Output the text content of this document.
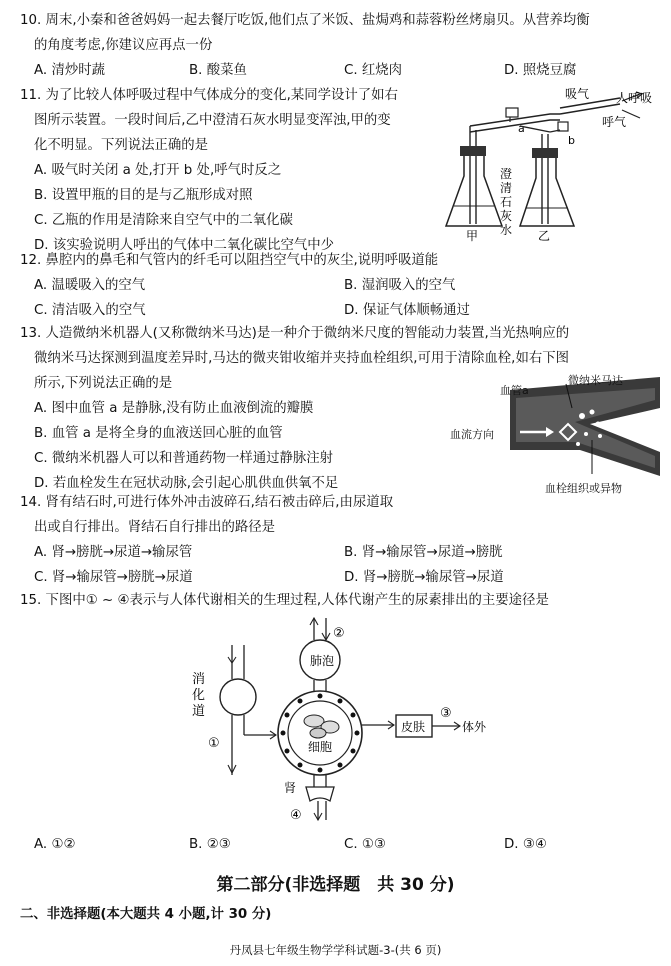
10. 周末,小秦和爸爸妈妈一起去餐厅吃饭,他们点了米饭、盐焗鸡和蒜蓉粉丝烤扇贝。从营养均衡
的角度考虑,你建议应再点一份
A. 清炒时蔬	B. 酸菜鱼	C. 红烧肉	D. 照烧豆腐
11. 为了比较人体呼吸过程中气体成分的变化,某同学设计了如右
图所示装置。一段时间后,乙中澄清石灰水明显变浑浊,甲的变
化不明显。下列说法正确的是
A. 吸气时关闭 a 处,打开 b 处,呼气时反之
B. 设置甲瓶的目的是与乙瓶形成对照
C. 乙瓶的作用是清除来自空气中的二氧化碳
D. 该实验说明人呼出的气体中二氧化碳比空气中少
吸气 人呼吸
呼气
a
b
甲	乙
澄
清
石
灰
水
12. 鼻腔内的鼻毛和气管内的纤毛可以阻挡空气中的灰尘,说明呼吸道能
A. 温暖吸入的空气	B. 湿润吸入的空气
C. 清洁吸入的空气	D. 保证气体顺畅通过
13. 人造微纳米机器人(又称微纳米马达)是一种介于微纳米尺度的智能动力装置,当光热响应的
微纳米马达探测到温度差异时,马达的微夹钳收缩并夹持血栓组织,可用于清除血栓,如右下图
所示,下列说法正确的是
A. 图中血管 a 是静脉,没有防止血液倒流的瓣膜
B. 血管 a 是将全身的血液送回心脏的血管
C. 微纳米机器人可以和普通药物一样通过静脉注射
D. 若血栓发生在冠状动脉,会引起心肌供血供氧不足
血管a
微纳米马达
血流方向
血栓组织或异物
14. 肾有结石时,可进行体外冲击波碎石,结石被击碎后,由尿道取
出或自行排出。肾结石自行排出的路径是
A. 肾→膀胱→尿道→输尿管	B. 肾→输尿管→尿道→膀胱
C. 肾→输尿管→膀胱→尿道	D. 肾→膀胱→输尿管→尿道
15. 下图中① ~ ④表示与人体代谢相关的生理过程,人体代谢产生的尿素排出的主要途径是
肺泡
②
消
化
道
①	细胞
皮肤
③
体外
肾
④
A. ①②	B. ②③	C. ①③	D. ③④
第二部分(非选择题　共 30 分)
二、非选择题(本大题共 4 小题,计 30 分)
丹凤县七年级生物学学科试题-3-(共 6 页)
